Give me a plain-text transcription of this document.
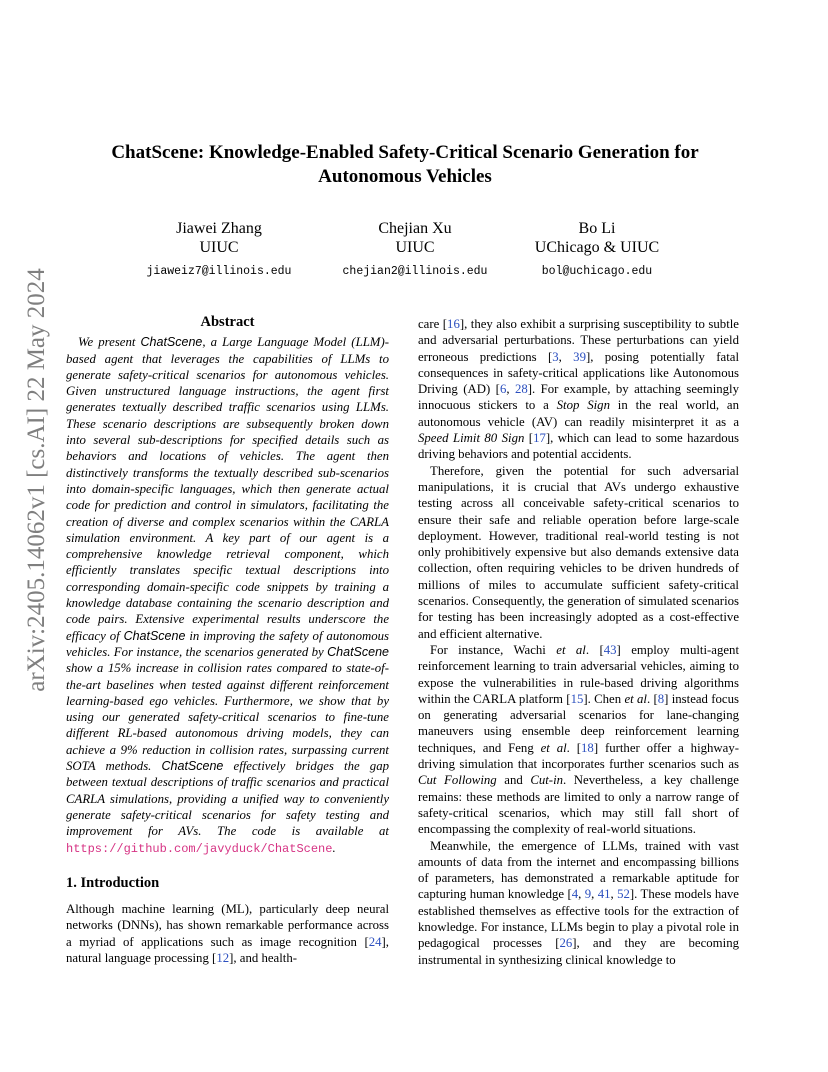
arXiv:2405.14062v1 [cs.AI] 22 May 2024
ChatScene: Knowledge-Enabled Safety-Critical Scenario Generation for Autonomous Vehicles
Jiawei Zhang
UIUC
jiaweiz7@illinois.edu
Chejian Xu
UIUC
chejian2@illinois.edu
Bo Li
UChicago & UIUC
bol@uchicago.edu
Abstract

We present ChatScene, a Large Language Model (LLM)-based agent that leverages the capabilities of LLMs to generate safety-critical scenarios for autonomous vehicles. Given unstructured language instructions, the agent first generates textually described traffic scenarios using LLMs. These scenario descriptions are subsequently broken down into several sub-descriptions for specified details such as behaviors and locations of vehicles. The agent then distinctively transforms the textually described sub-scenarios into domain-specific languages, which then generate actual code for prediction and control in simulators, facilitating the creation of diverse and complex scenarios within the CARLA simulation environment. A key part of our agent is a comprehensive knowledge retrieval component, which efficiently translates specific textual descriptions into corresponding domain-specific code snippets by training a knowledge database containing the scenario description and code pairs. Extensive experimental results underscore the efficacy of ChatScene in improving the safety of autonomous vehicles. For instance, the scenarios generated by ChatScene show a 15% increase in collision rates compared to state-of-the-art baselines when tested against different reinforcement learning-based ego vehicles. Furthermore, we show that by using our generated safety-critical scenarios to fine-tune different RL-based autonomous driving models, they can achieve a 9% reduction in collision rates, surpassing current SOTA methods. ChatScene effectively bridges the gap between textual descriptions of traffic scenarios and practical CARLA simulations, providing a unified way to conveniently generate safety-critical scenarios for safety testing and improvement for AVs. The code is available at https://github.com/javyduck/ChatScene.

1. Introduction

Although machine learning (ML), particularly deep neural networks (DNNs), has shown remarkable performance across a myriad of applications such as image recognition [24], natural language processing [12], and health-

care [16], they also exhibit a surprising susceptibility to subtle and adversarial perturbations. These perturbations can yield erroneous predictions [3, 39], posing potentially fatal consequences in safety-critical applications like Autonomous Driving (AD) [6, 28]. For example, by attaching seemingly innocuous stickers to a Stop Sign in the real world, an autonomous vehicle (AV) can readily misinterpret it as a Speed Limit 80 Sign [17], which can lead to some hazardous driving behaviors and potential accidents.

Therefore, given the potential for such adversarial manipulations, it is crucial that AVs undergo exhaustive testing across all conceivable safety-critical scenarios to ensure their safe and reliable operation before large-scale deployment. However, traditional real-world testing is not only prohibitively expensive but also demands extensive data collection, often requiring vehicles to be driven hundreds of millions of miles to accumulate sufficient safety-critical scenarios. Consequently, the generation of simulated scenarios for testing has been increasingly adopted as a cost-effective and efficient alternative.

For instance, Wachi et al. [43] employ multi-agent reinforcement learning to train adversarial vehicles, aiming to expose the vulnerabilities in rule-based driving algorithms within the CARLA platform [15]. Chen et al. [8] instead focus on generating adversarial scenarios for lane-changing maneuvers using ensemble deep reinforcement learning techniques, and Feng et al. [18] further offer a highway-driving simulation that incorporates further scenarios such as Cut Following and Cut-in. Nevertheless, a key challenge remains: these methods are limited to only a narrow range of safety-critical scenarios, which may still fall short of encompassing the complexity of real-world situations.

Meanwhile, the emergence of LLMs, trained with vast amounts of data from the internet and encompassing billions of parameters, has demonstrated a remarkable aptitude for capturing human knowledge [4, 9, 41, 52]. These models have established themselves as effective tools for the extraction of knowledge. For instance, LLMs begin to play a pivotal role in pedagogical processes [26], and they are becoming instrumental in synthesizing clinical knowledge to
